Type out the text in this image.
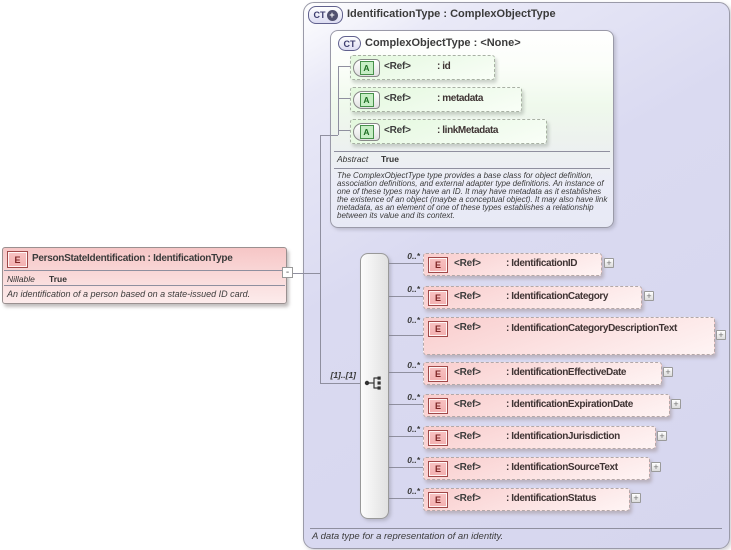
CT + IdentificationType : ComplexObjectType
CT ComplexObjectType : <None>
Abstract True
The ComplexObjectType type provides a base class for object definition, association definitions, and external adapter type definitions. An instance of one of these types may have an ID. It may have metadata as it establishes the existence of an object (maybe a conceptual object). It may also have link metadata, as an element of one of these types establishes a relationship between its value and its context.
A	<Ref>	: id
A	<Ref>	: metadata
A	<Ref>	: linkMetadata
[1]..[1]
0..*
E <Ref>	: IdentificationID	+
0..*
E <Ref>	: IdentificationCategory	+
0..*
E <Ref>	: IdentificationCategoryDescriptionText
+
0..*
E <Ref>	: IdentificationEffectiveDate	+
0..*
E <Ref>	: IdentificationExpirationDate	+
0..*
E <Ref>	: IdentificationJurisdiction	+
0..*
E <Ref>	: IdentificationSourceText	+
0..*
E <Ref>	: IdentificationStatus	+
A data type for a representation of an identity.
E PersonStateIdentification : IdentificationType
Nillable True
An identification of a person based on a state-issued ID card.
-
